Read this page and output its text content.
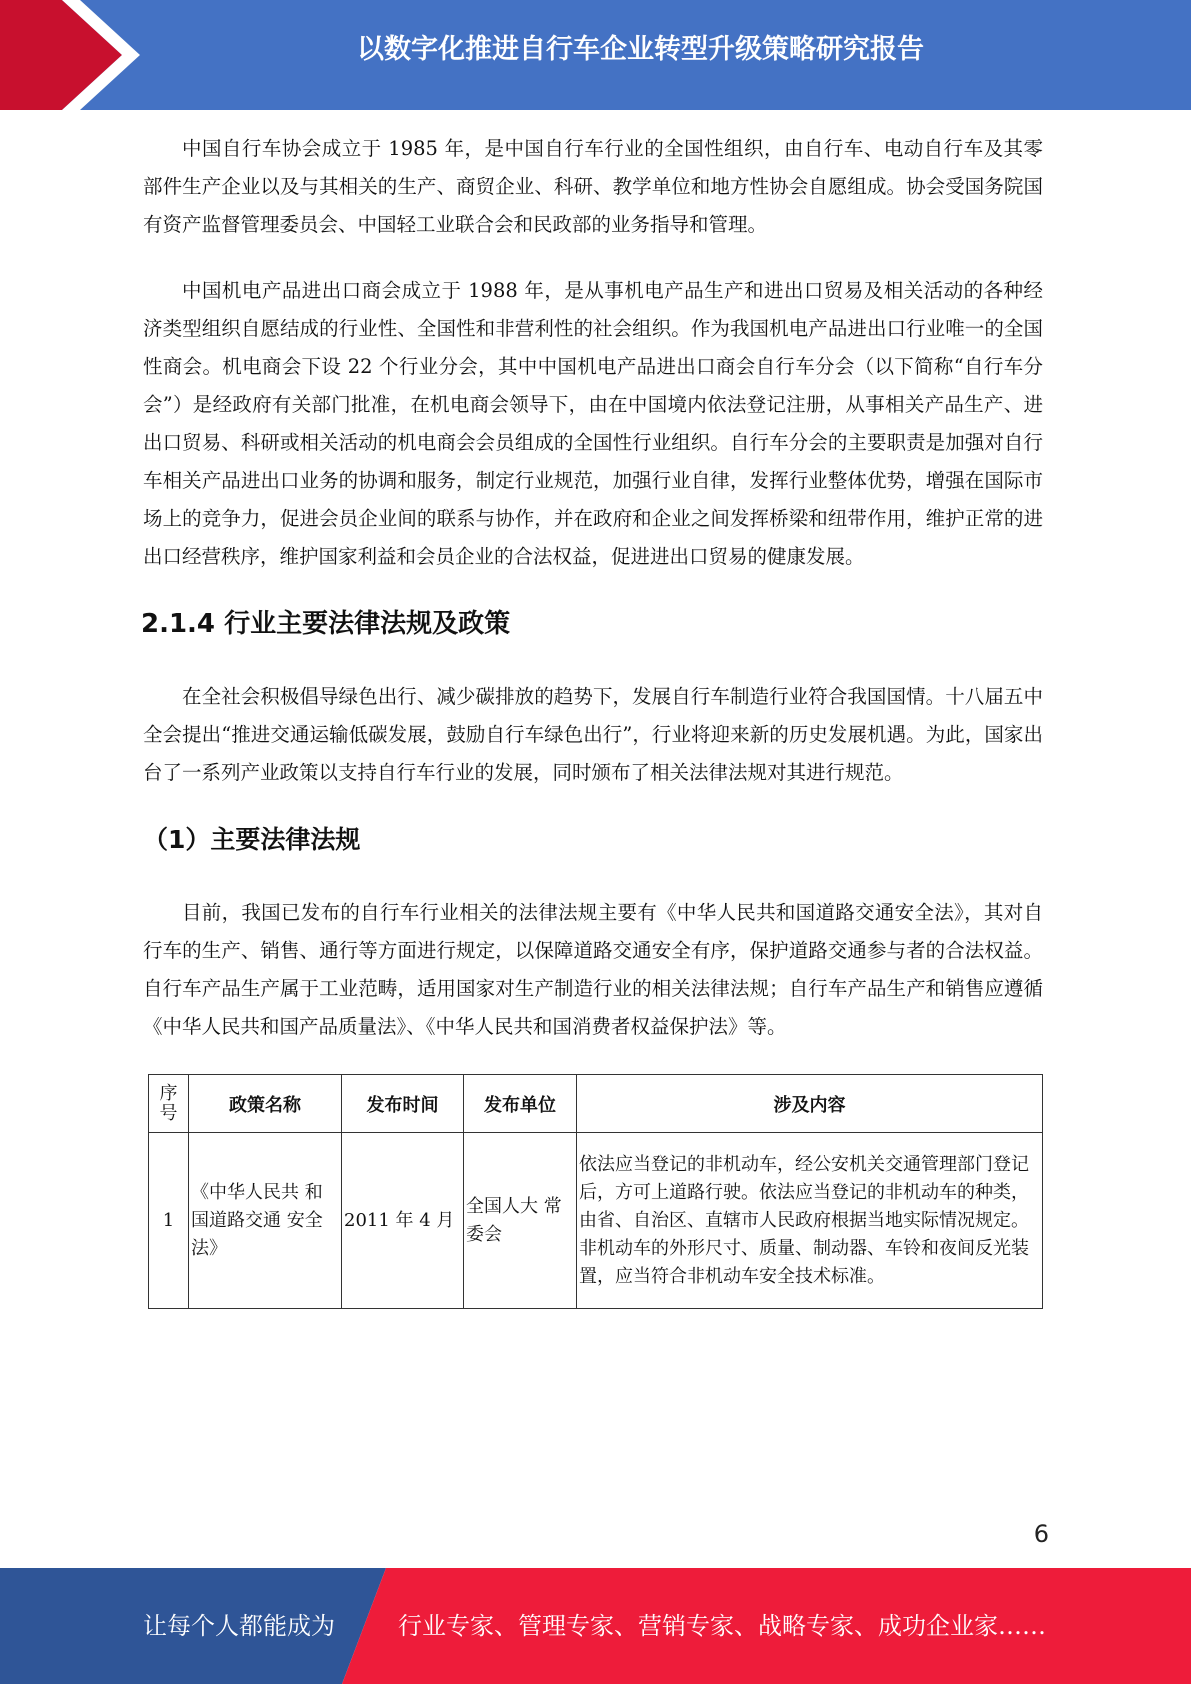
以数字化推进自行车企业转型升级策略研究报告

中国自行车协会成立于 1985 年，是中国自行车行业的全国性组织，由自行车、电动自行车及其零部件生产企业以及与其相关的生产、商贸企业、科研、教学单位和地方性协会自愿组成。协会受国务院国有资产监督管理委员会、中国轻工业联合会和民政部的业务指导和管理。

中国机电产品进出口商会成立于 1988 年，是从事机电产品生产和进出口贸易及相关活动的各种经济类型组织自愿结成的行业性、全国性和非营利性的社会组织。作为我国机电产品进出口行业唯一的全国性商会。机电商会下设 22 个行业分会，其中中国机电产品进出口商会自行车分会（以下简称“自行车分会”）是经政府有关部门批准，在机电商会领导下，由在中国境内依法登记注册，从事相关产品生产、进出口贸易、科研或相关活动的机电商会会员组成的全国性行业组织。自行车分会的主要职责是加强对自行车相关产品进出口业务的协调和服务，制定行业规范，加强行业自律，发挥行业整体优势，增强在国际市场上的竞争力，促进会员企业间的联系与协作，并在政府和企业之间发挥桥梁和纽带作用，维护正常的进出口经营秩序，维护国家利益和会员企业的合法权益，促进进出口贸易的健康发展。

2.1.4 行业主要法律法规及政策

在全社会积极倡导绿色出行、减少碳排放的趋势下，发展自行车制造行业符合我国国情。十八届五中全会提出“推进交通运输低碳发展，鼓励自行车绿色出行”，行业将迎来新的历史发展机遇。为此，国家出台了一系列产业政策以支持自行车行业的发展，同时颁布了相关法律法规对其进行规范。

（1）主要法律法规

目前，我国已发布的自行车行业相关的法律法规主要有《中华人民共和国道路交通安全法》，其对自行车的生产、销售、通行等方面进行规定，以保障道路交通安全有序，保护道路交通参与者的合法权益。自行车产品生产属于工业范畴，适用国家对生产制造行业的相关法律法规；自行车产品生产和销售应遵循《中华人民共和国产品质量法》、《中华人民共和国消费者权益保护法》等。

序号	政策名称	发布时间	发布单位	涉及内容
1	《中华人民共 和国道路交通 安全法》	2011 年 4 月	全国人大 常委会	依法应当登记的非机动车，经公安机关交通管理部门登记后，方可上道路行驶。依法应当登记的非机动车的种类，由省、自治区、直辖市人民政府根据当地实际情况规定。非机动车的外形尺寸、质量、制动器、车铃和夜间反光装置，应当符合非机动车安全技术标准。
6
让每个人都能成为	行业专家、管理专家、营销专家、战略专家、成功企业家……
